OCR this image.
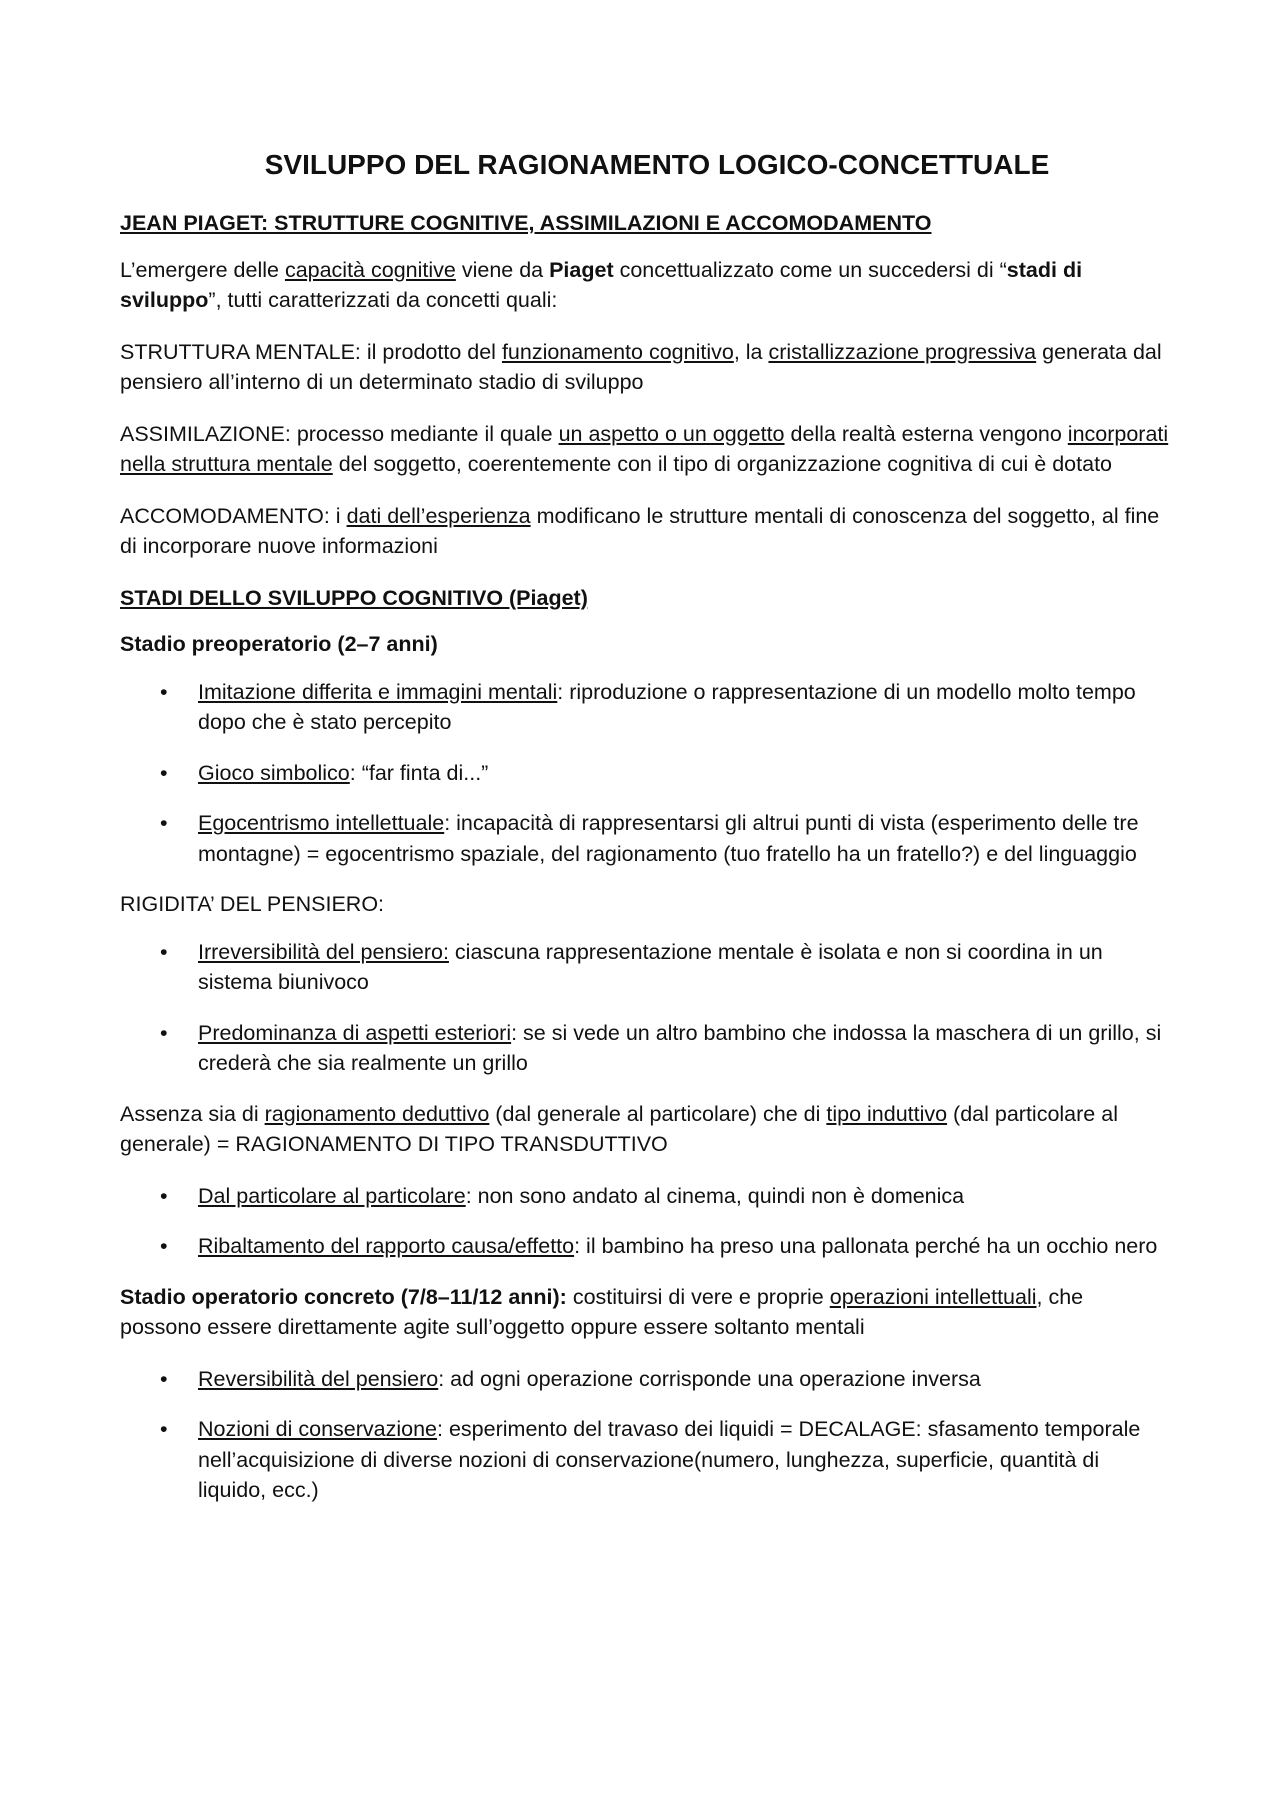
SVILUPPO DEL RAGIONAMENTO LOGICO-CONCETTUALE
JEAN PIAGET: STRUTTURE COGNITIVE, ASSIMILAZIONI E ACCOMODAMENTO

L’emergere delle capacità cognitive viene da Piaget concettualizzato come un succedersi di “stadi di sviluppo”, tutti caratterizzati da concetti quali:

STRUTTURA MENTALE: il prodotto del funzionamento cognitivo, la cristallizzazione progressiva generata dal pensiero all’interno di un determinato stadio di sviluppo

ASSIMILAZIONE: processo mediante il quale un aspetto o un oggetto della realtà esterna vengono incorporati nella struttura mentale del soggetto, coerentemente con il tipo di organizzazione cognitiva di cui è dotato

ACCOMODAMENTO: i dati dell’esperienza modificano le strutture mentali di conoscenza del soggetto, al fine di incorporare nuove informazioni

STADI DELLO SVILUPPO COGNITIVO (Piaget)
Stadio preoperatorio (2–7 anni)
• Imitazione differita e immagini mentali: riproduzione o rappresentazione di un modello molto tempo dopo che è stato percepito
• Gioco simbolico: “far finta di...”
• Egocentrismo intellettuale: incapacità di rappresentarsi gli altrui punti di vista (esperimento delle tre montagne) = egocentrismo spaziale, del ragionamento (tuo fratello ha un fratello?) e del linguaggio

RIGIDITA’ DEL PENSIERO:

• Irreversibilità del pensiero: ciascuna rappresentazione mentale è isolata e non si coordina in un sistema biunivoco
• Predominanza di aspetti esteriori: se si vede un altro bambino che indossa la maschera di un grillo, si crederà che sia realmente un grillo

Assenza sia di ragionamento deduttivo (dal generale al particolare) che di tipo induttivo (dal particolare al generale) = RAGIONAMENTO DI TIPO TRANSDUTTIVO

• Dal particolare al particolare: non sono andato al cinema, quindi non è domenica
• Ribaltamento del rapporto causa/effetto: il bambino ha preso una pallonata perché ha un occhio nero

Stadio operatorio concreto (7/8–11/12 anni): costituirsi di vere e proprie operazioni intellettuali, che possono essere direttamente agite sull’oggetto oppure essere soltanto mentali

• Reversibilità del pensiero: ad ogni operazione corrisponde una operazione inversa
• Nozioni di conservazione: esperimento del travaso dei liquidi = DECALAGE: sfasamento temporale nell’acquisizione di diverse nozioni di conservazione(numero, lunghezza, superficie, quantità di liquido, ecc.)
